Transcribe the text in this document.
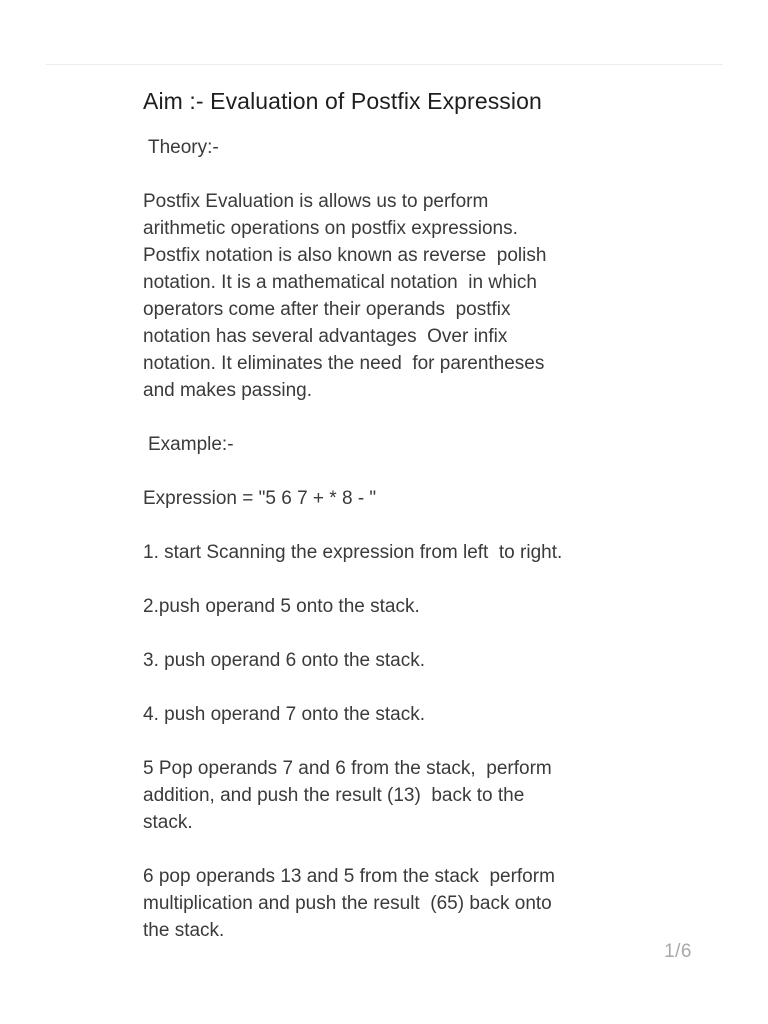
Aim :- Evaluation of Postfix Expression
Theory:-

Postfix Evaluation is allows us to perform
arithmetic operations on postfix expressions.
Postfix notation is also known as reverse  polish
notation. It is a mathematical notation  in which
operators come after their operands  postfix
notation has several advantages  Over infix
notation. It eliminates the need  for parentheses
and makes passing.

Example:-

Expression = "5 6 7 + * 8 - "

1. start Scanning the expression from left  to right.

2.push operand 5 onto the stack.

3. push operand 6 onto the stack.

4. push operand 7 onto the stack.

5 Pop operands 7 and 6 from the stack,  perform
addition, and push the result (13)  back to the
stack.

6 pop operands 13 and 5 from the stack  perform
multiplication and push the result  (65) back onto
the stack.

1/6
